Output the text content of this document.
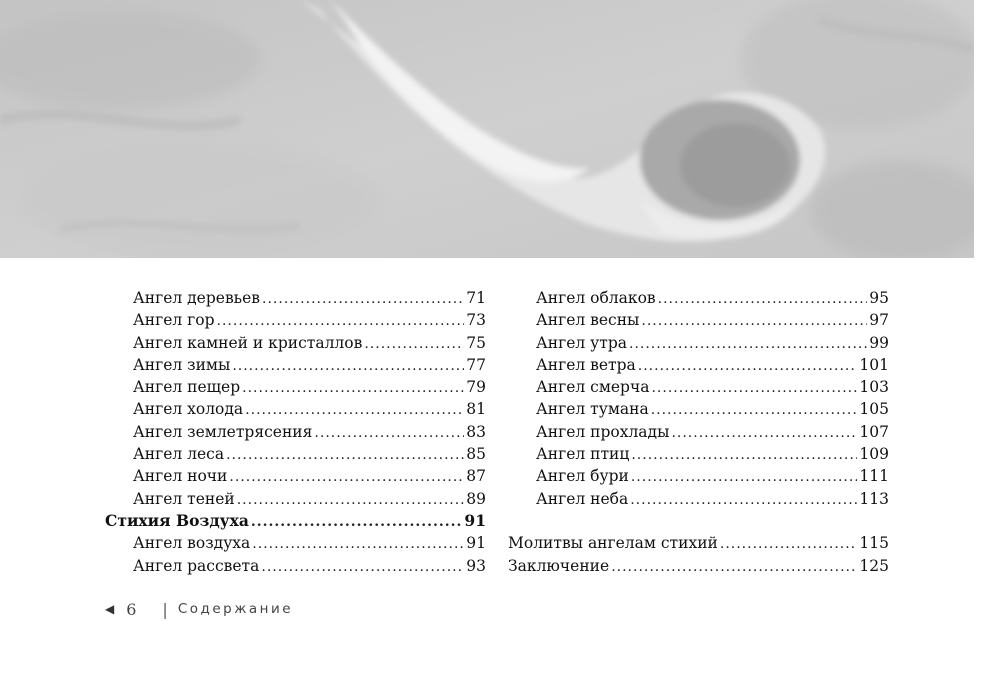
Ангел деревьев .....	71
Ангел гор .....	73
Ангел камней и кристаллов .....	75
Ангел зимы .....	77
Ангел пещер .....	79
Ангел холода .....	81
Ангел землетрясения .....	83
Ангел леса .....	85
Ангел ночи .....	87
Ангел теней .....	89
Стихия Воздуха .....	91
Ангел воздуха .....	91
Ангел рассвета .....	93
Ангел облаков .....	95
Ангел весны .....	97
Ангел утра .....	99
Ангел ветра .....	101
Ангел смерча .....	103
Ангел тумана .....	105
Ангел прохлады .....	107
Ангел птиц .....	109
Ангел бури .....	111
Ангел неба .....	113
Молитвы ангелам стихий .....	115
Заключение .....	125
◀ 6 | Содержание
